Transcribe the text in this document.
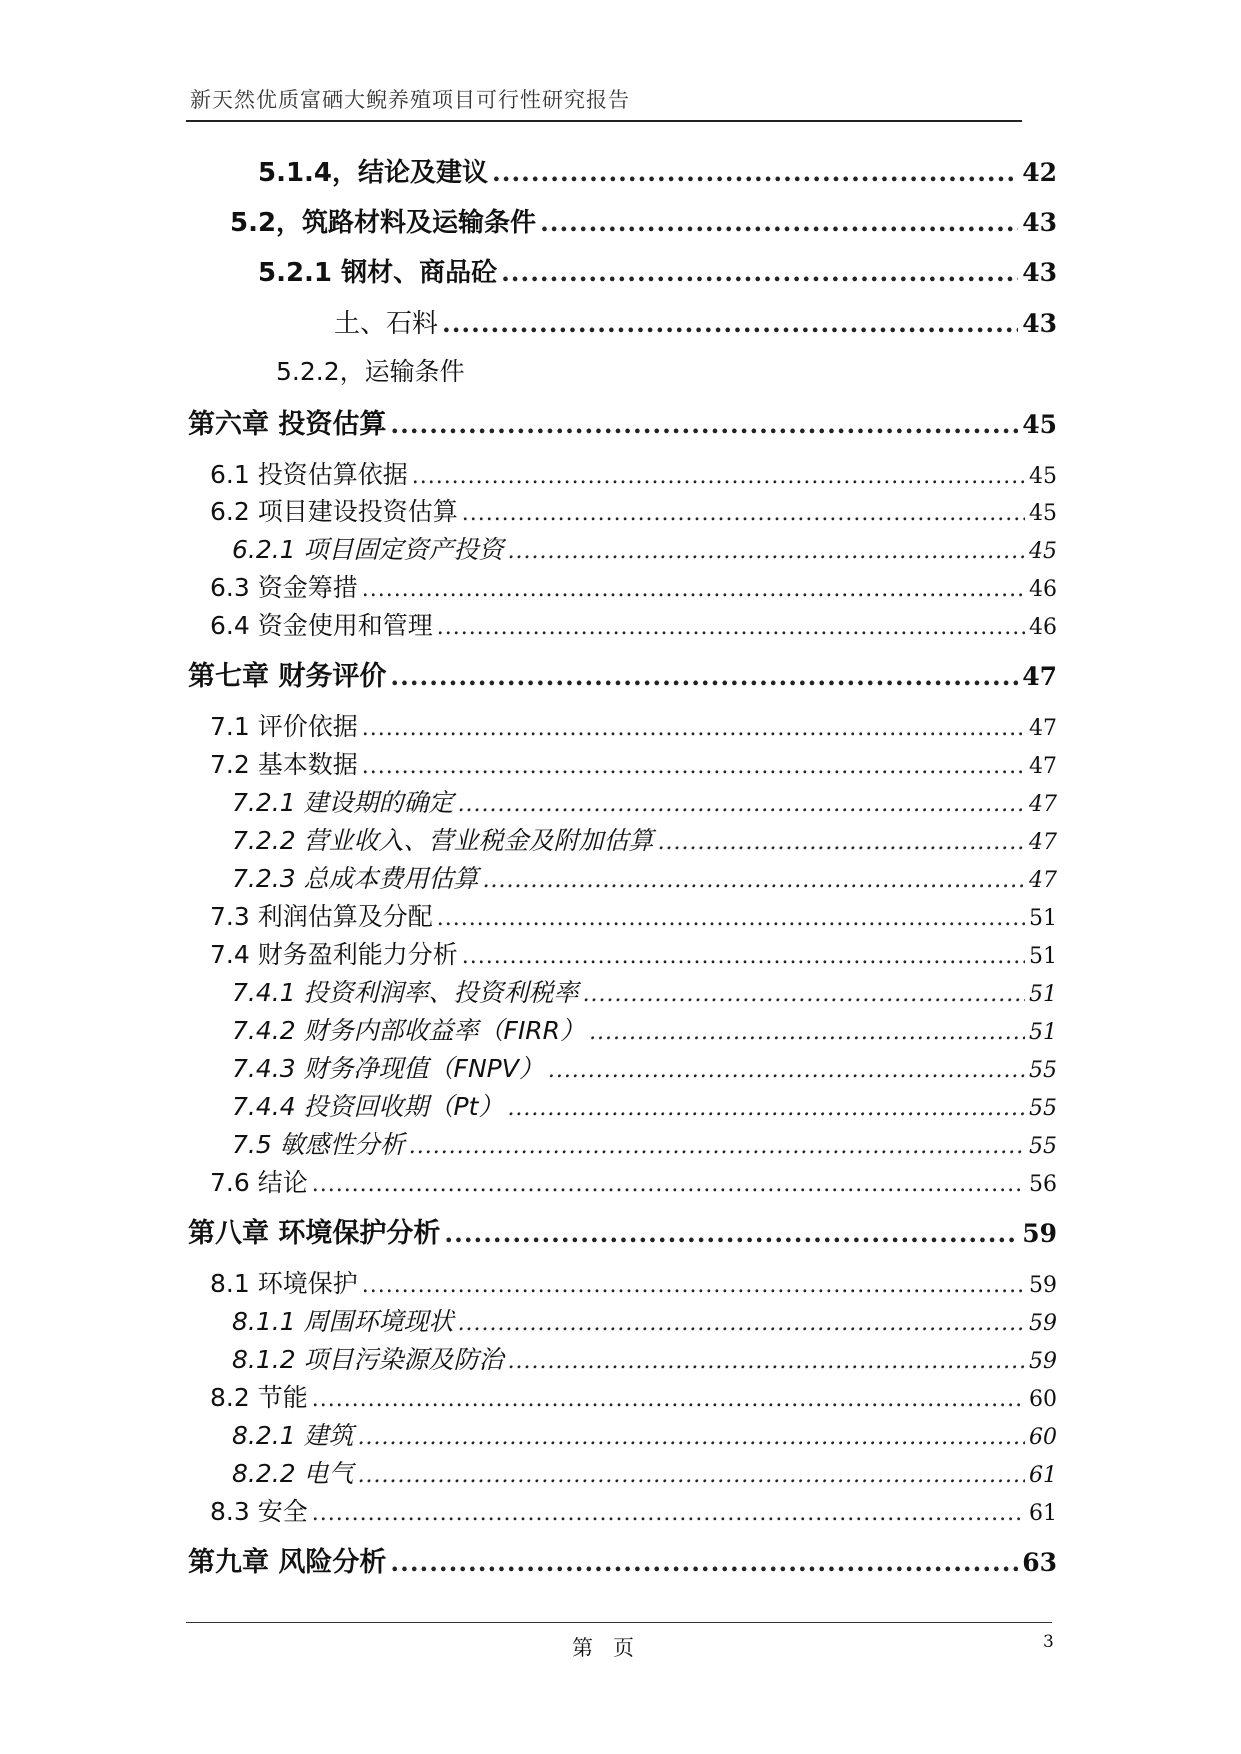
新天然优质富硒大鲵养殖项目可行性研究报告
5.1.4，结论及建议 .....	42
5.2，筑路材料及运输条件 .....	43
5.2.1 钢材、商品砼 .....	43
土、石料 .....	43
5.2.2，运输条件
第六章 投资估算 .....	45
6.1 投资估算依据 .....	45
6.2 项目建设投资估算 .....	45
6.2.1 项目固定资产投资 .....	45
6.3 资金筹措 .....	46
6.4 资金使用和管理 .....	46
第七章 财务评价 .....	47
7.1 评价依据 .....	47
7.2 基本数据 .....	47
7.2.1 建设期的确定 .....	47
7.2.2 营业收入、营业税金及附加估算 .....	47
7.2.3 总成本费用估算 .....	47
7.3 利润估算及分配 .....	51
7.4 财务盈利能力分析 .....	51
7.4.1 投资利润率、投资利税率 .....	51
7.4.2 财务内部收益率（FIRR） .....	51
7.4.3 财务净现值（FNPV） .....	55
7.4.4 投资回收期（Pt） .....	55
7.5 敏感性分析 .....	55
7.6 结论 .....	56
第八章 环境保护分析 .....	59
8.1 环境保护 .....	59
8.1.1 周围环境现状 .....	59
8.1.2 项目污染源及防治 .....	59
8.2 节能 .....	60
8.2.1 建筑 .....	60
8.2.2 电气 .....	61
8.3 安全 .....	61
第九章 风险分析 .....	63
第页	3
